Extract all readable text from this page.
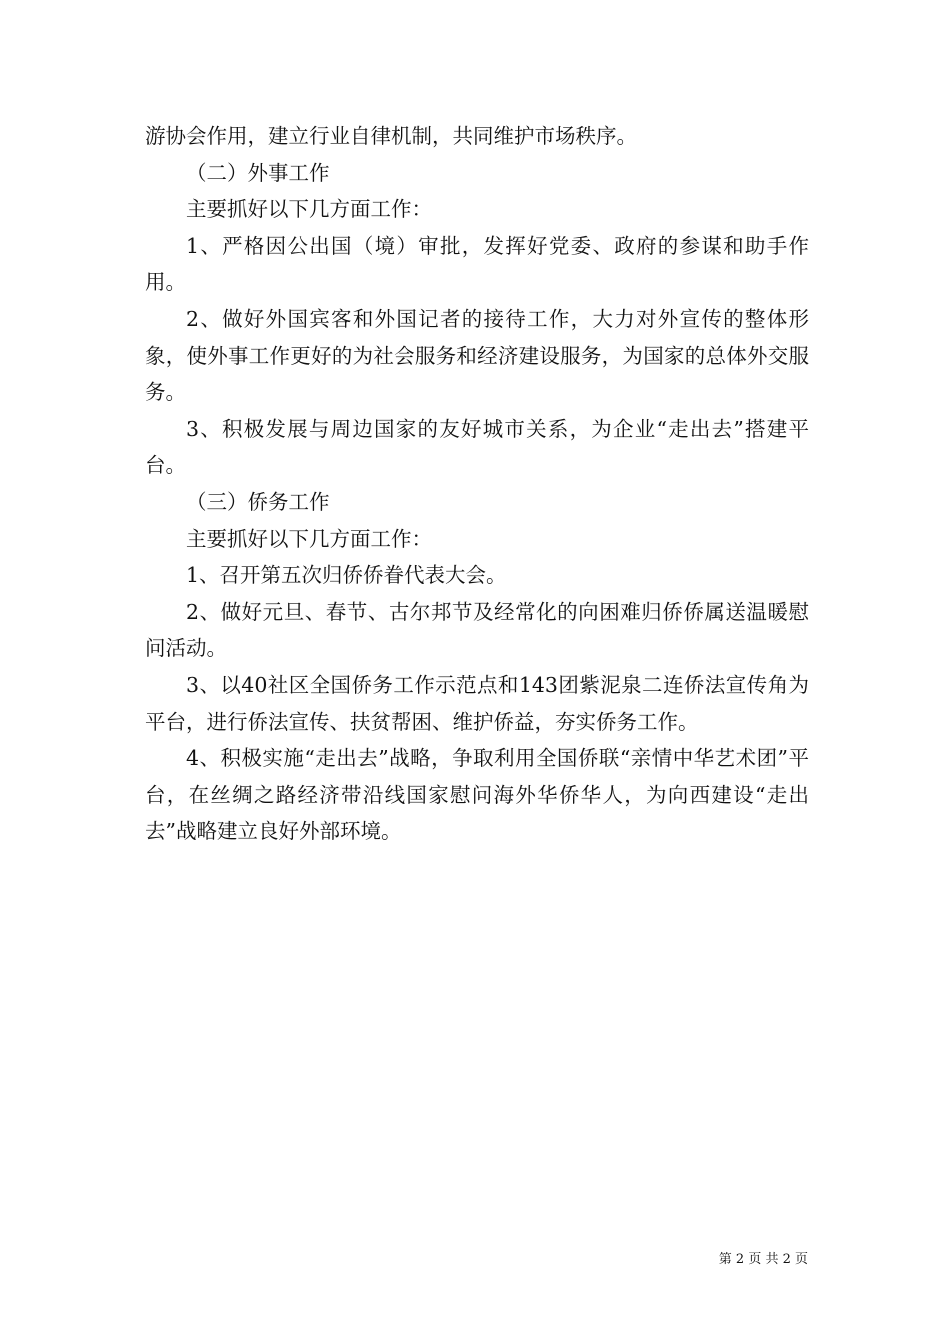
游协会作用，建立行业自律机制，共同维护市场秩序。

（二）外事工作

主要抓好以下几方面工作：

1、严格因公出国（境）审批，发挥好党委、政府的参谋和助手作用。

2、做好外国宾客和外国记者的接待工作，大力对外宣传的整体形象，使外事工作更好的为社会服务和经济建设服务，为国家的总体外交服务。

3、积极发展与周边国家的友好城市关系，为企业“走出去”搭建平台。

（三）侨务工作

主要抓好以下几方面工作：

1、召开第五次归侨侨眷代表大会。

2、做好元旦、春节、古尔邦节及经常化的向困难归侨侨属送温暖慰问活动。

3、以40社区全国侨务工作示范点和143团紫泥泉二连侨法宣传角为平台，进行侨法宣传、扶贫帮困、维护侨益，夯实侨务工作。

4、积极实施“走出去”战略，争取利用全国侨联“亲情中华艺术团”平台，在丝绸之路经济带沿线国家慰问海外华侨华人，为向西建设“走出去”战略建立良好外部环境。

第 2 页 共 2 页
